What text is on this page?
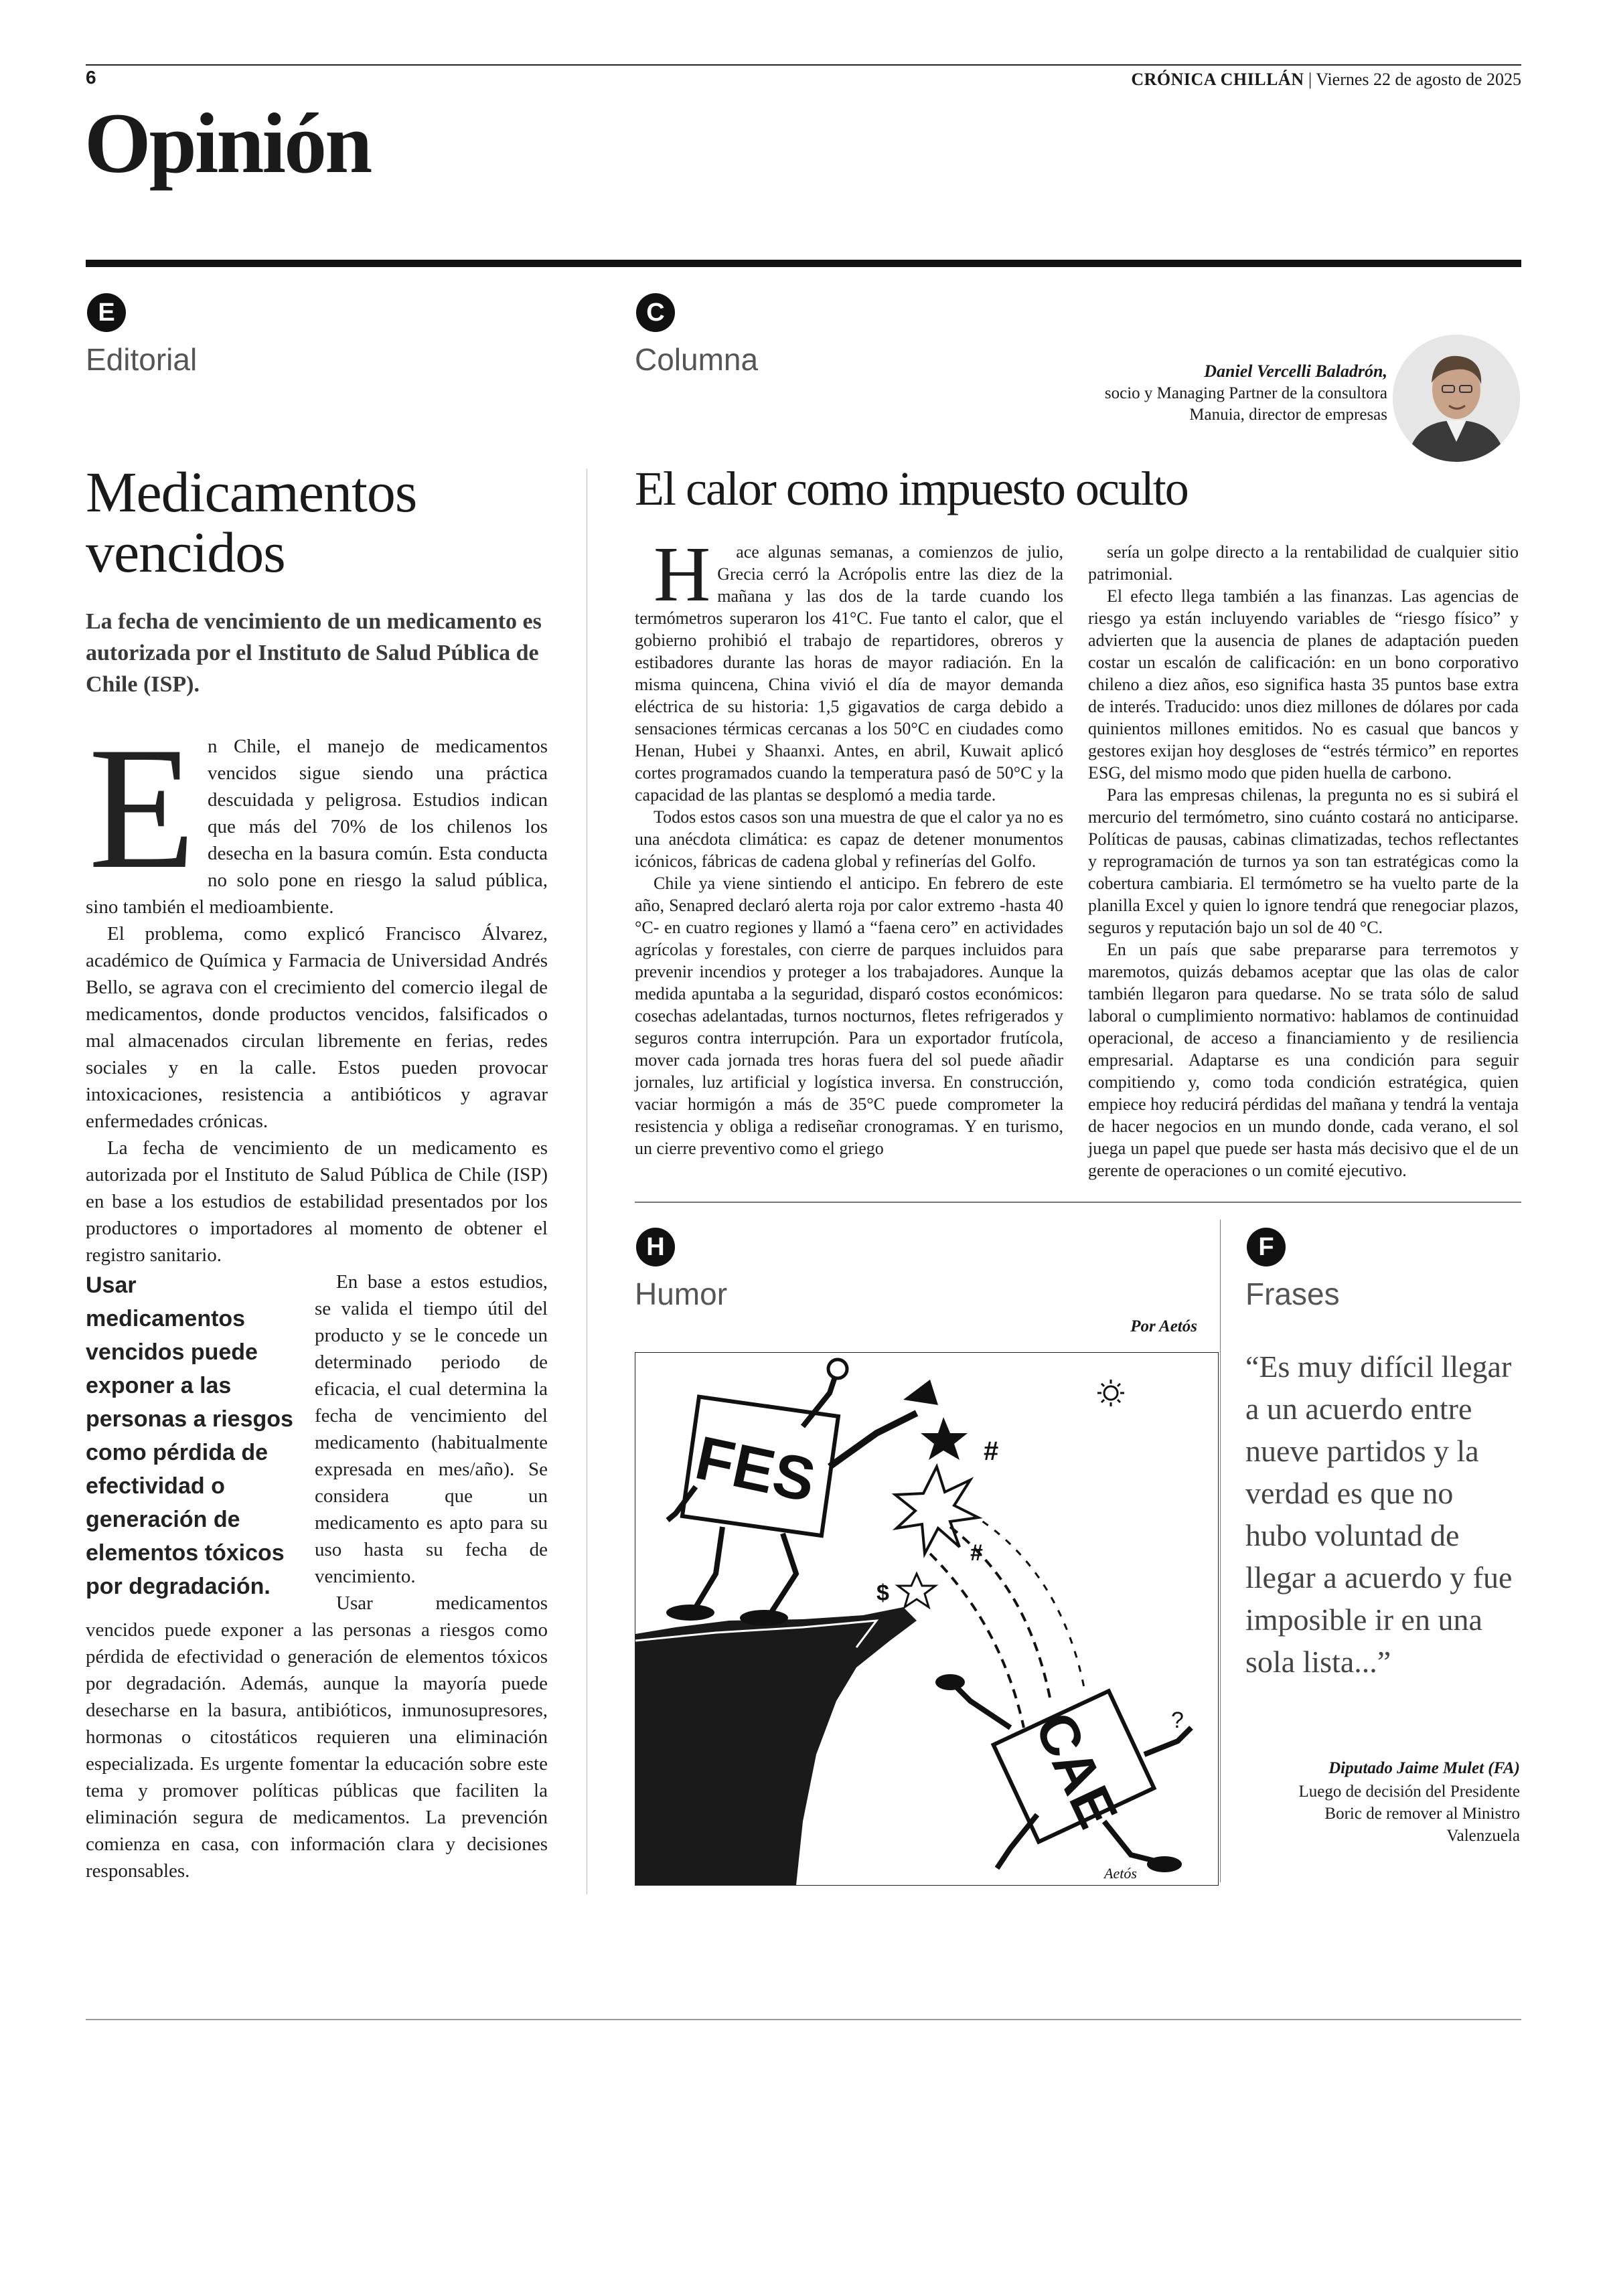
6	CRÓNICA CHILLÁN | Viernes 22 de agosto de 2025
Opinión
E
Editorial
Medicamentos vencidos
La fecha de vencimiento de un medicamento es autorizada por el Instituto de Salud Pública de Chile (ISP).

En Chile, el manejo de medicamentos vencidos sigue siendo una práctica descuidada y peligrosa. Estudios indican que más del 70% de los chilenos los desecha en la basura común. Esta conducta no solo pone en riesgo la salud pública, sino también el medioambiente.

El problema, como explicó Francisco Álvarez, académico de Química y Farmacia de Universidad Andrés Bello, se agrava con el crecimiento del comercio ilegal de medicamentos, donde productos vencidos, falsificados o mal almacenados circulan libremente en ferias, redes sociales y en la calle. Estos pueden provocar intoxicaciones, resistencia a antibióticos y agravar enfermedades crónicas.

La fecha de vencimiento de un medicamento es autorizada por el Instituto de Salud Pública de Chile (ISP) en base a los estudios de estabilidad presentados por los productores o importadores al momento de obtener el registro sanitario.

Usar medicamentos vencidos puede exponer a las personas a riesgos como pérdida de efectividad o generación de elementos tóxicos por degradación.

En base a estos estudios, se valida el tiempo útil del producto y se le concede un determinado periodo de eficacia, el cual determina la fecha de vencimiento del medicamento (habitualmente expresada en mes/año). Se considera que un medicamento es apto para su uso hasta su fecha de vencimiento.

Usar medicamentos vencidos puede exponer a las personas a riesgos como pérdida de efectividad o generación de elementos tóxicos por degradación. Además, aunque la mayoría puede desecharse en la basura, antibióticos, inmunosupresores, hormonas o citostáticos requieren una eliminación especializada. Es urgente fomentar la educación sobre este tema y promover políticas públicas que faciliten la eliminación segura de medicamentos. La prevención comienza en casa, con información clara y decisiones responsables.

C
Columna	Daniel Vercelli Baladrón,
socio y Managing Partner de la consultora Manuia, director de empresas
El calor como impuesto oculto

H ace algunas semanas, a comienzos de julio, Grecia cerró la Acrópolis entre las diez de la mañana y las dos de la tarde cuando los termómetros superaron los 41°C. Fue tanto el calor, que el gobierno prohibió el trabajo de repartidores, obreros y estibadores durante las horas de mayor radiación. En la misma quincena, China vivió el día de mayor demanda eléctrica de su historia: 1,5 gigavatios de carga debido a sensaciones térmicas cercanas a los 50°C en ciudades como Henan, Hubei y Shaanxi. Antes, en abril, Kuwait aplicó cortes programados cuando la temperatura pasó de 50°C y la capacidad de las plantas se desplomó a media tarde.

Todos estos casos son una muestra de que el calor ya no es una anécdota climática: es capaz de detener monumentos icónicos, fábricas de cadena global y refinerías del Golfo.

Chile ya viene sintiendo el anticipo. En febrero de este año, Senapred declaró alerta roja por calor extremo -hasta 40 °C- en cuatro regiones y llamó a “faena cero” en actividades agrícolas y forestales, con cierre de parques incluidos para prevenir incendios y proteger a los trabajadores. Aunque la medida apuntaba a la seguridad, disparó costos económicos: cosechas adelantadas, turnos nocturnos, fletes refrigerados y seguros contra interrupción. Para un exportador frutícola, mover cada jornada tres horas fuera del sol puede añadir jornales, luz artificial y logística inversa. En construcción, vaciar hormigón a más de 35°C puede comprometer la resistencia y obliga a rediseñar cronogramas. Y en turismo, un cierre preventivo como el griego

sería un golpe directo a la rentabilidad de cualquier sitio patrimonial.

El efecto llega también a las finanzas. Las agencias de riesgo ya están incluyendo variables de “riesgo físico” y advierten que la ausencia de planes de adaptación pueden costar un escalón de calificación: en un bono corporativo chileno a diez años, eso significa hasta 35 puntos base extra de interés. Traducido: unos diez millones de dólares por cada quinientos millones emitidos. No es casual que bancos y gestores exijan hoy desgloses de “estrés térmico” en reportes ESG, del mismo modo que piden huella de carbono.

Para las empresas chilenas, la pregunta no es si subirá el mercurio del termómetro, sino cuánto costará no anticiparse. Políticas de pausas, cabinas climatizadas, techos reflectantes y reprogramación de turnos ya son tan estratégicas como la cobertura cambiaria. El termómetro se ha vuelto parte de la planilla Excel y quien lo ignore tendrá que renegociar plazos, seguros y reputación bajo un sol de 40 °C.

En un país que sabe prepararse para terremotos y maremotos, quizás debamos aceptar que las olas de calor también llegaron para quedarse. No se trata sólo de salud laboral o cumplimiento normativo: hablamos de continuidad operacional, de acceso a financiamiento y de resiliencia empresarial. Adaptarse es una condición para seguir compitiendo y, como toda condición estratégica, quien empiece hoy reducirá pérdidas del mañana y tendrá la ventaja de hacer negocios en un mundo donde, cada verano, el sol juega un papel que puede ser hasta más decisivo que el de un gerente de operaciones o un comité ejecutivo.

H
Humor
Por Aetós
FES	#
#
$
CAE ?
Aetós
F
Frases
“Es muy difícil llegar a un acuerdo entre nueve partidos y la verdad es que no hubo voluntad de llegar a acuerdo y fue imposible ir en una sola lista...”
Diputado Jaime Mulet (FA)
Luego de decisión del Presidente Boric de remover al Ministro Valenzuela
